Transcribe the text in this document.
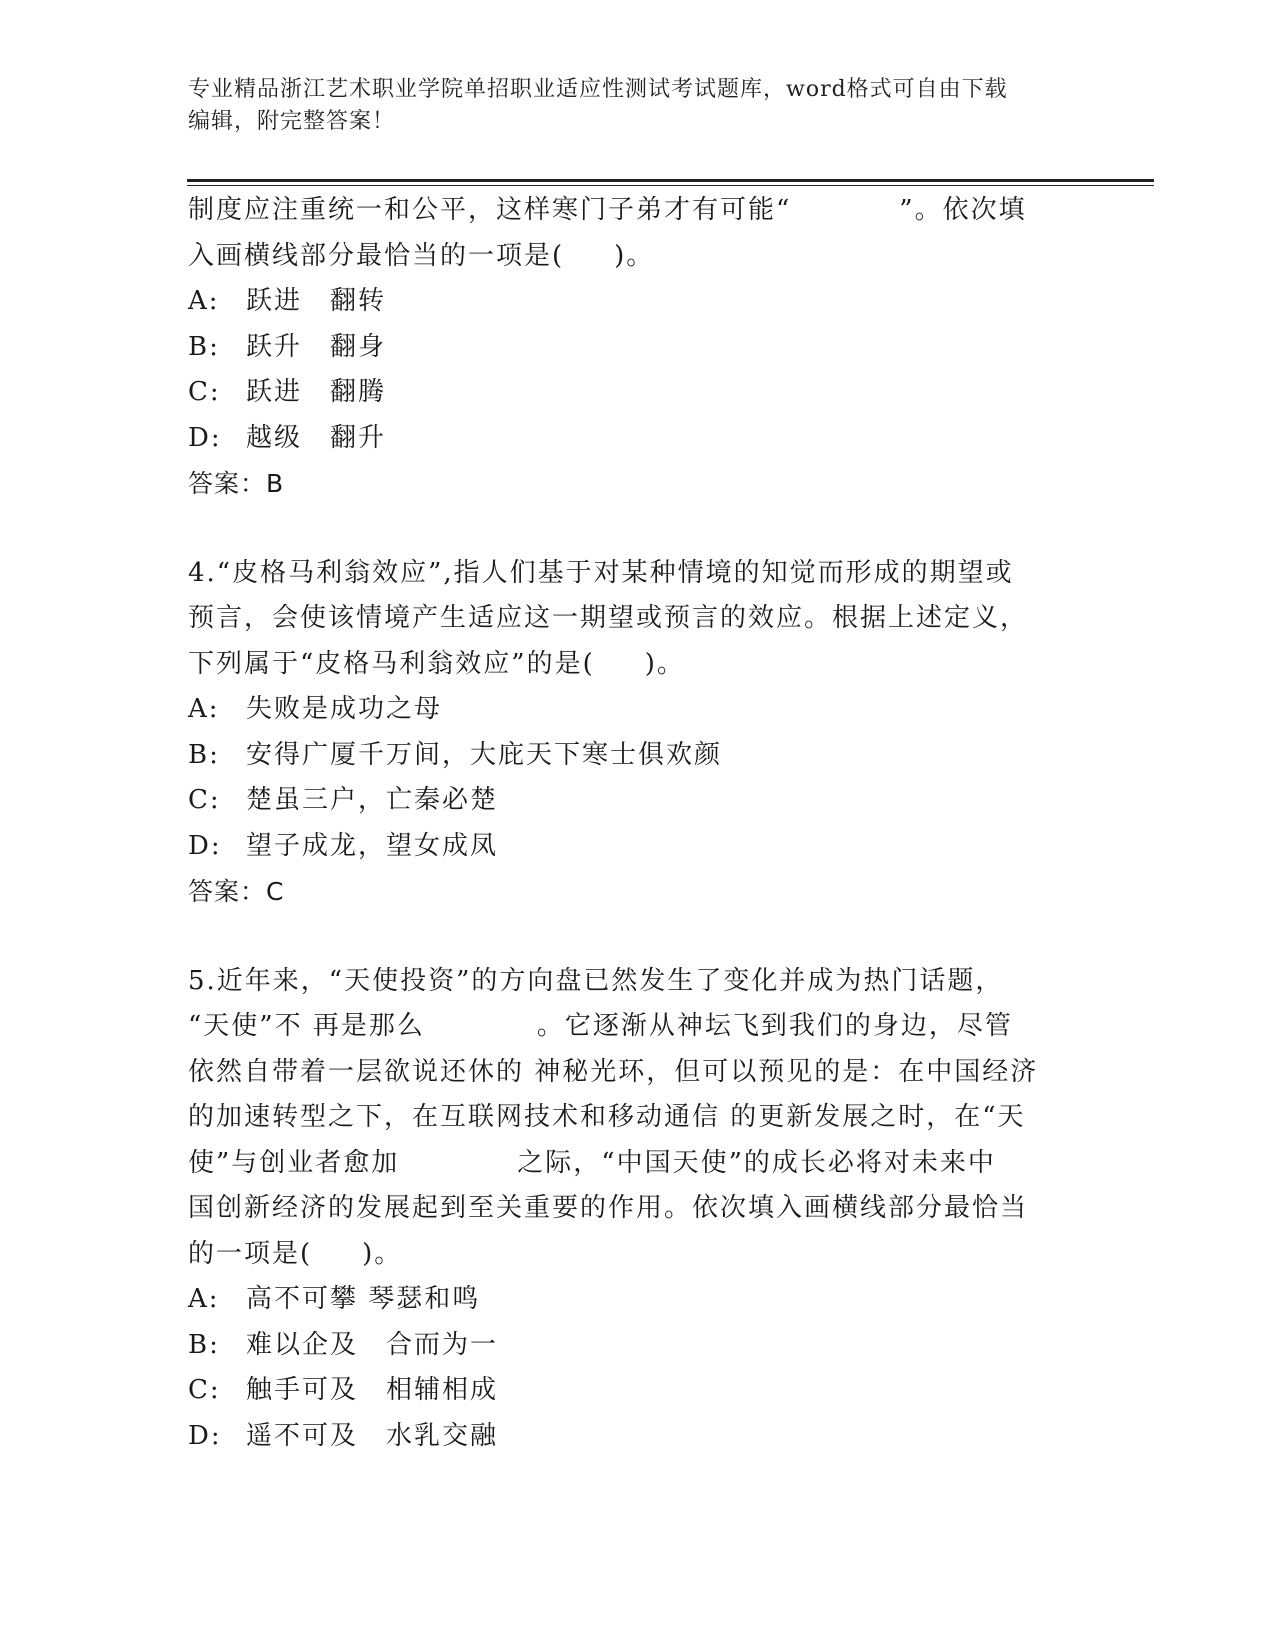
专业精品浙江艺术职业学院单招职业适应性测试考试题库，word格式可自由下载
编辑，附完整答案！

制度应注重统一和公平，这样寒门子弟才有可能“	”。依次填
入画横线部分最恰当的一项是( )。

A: 跃进　翻转
B: 跃升　翻身
C: 跃进　翻腾
D: 越级　翻升
答案：B

4.“皮格马利翁效应”,指人们基于对某种情境的知觉而形成的期望或
预言，会使该情境产生适应这一期望或预言的效应。根据上述定义，
下列属于“皮格马利翁效应”的是( )。

A: 失败是成功之母
B: 安得广厦千万间，大庇天下寒士俱欢颜
C: 楚虽三户，亡秦必楚
D: 望子成龙，望女成凤
答案：C

5.近年来，“天使投资”的方向盘已然发生了变化并成为热门话题，
“天使”不 再是那么	。它逐渐从神坛飞到我们的身边，尽管
依然自带着一层欲说还休的 神秘光环，但可以预见的是：在中国经济
的加速转型之下，在互联网技术和移动通信 的更新发展之时，在“天
使”与创业者愈加	之际，“中国天使”的成长必将对未来中
国创新经济的发展起到至关重要的作用。依次填入画横线部分最恰当
的一项是( )。

A: 高不可攀 琴瑟和鸣
B: 难以企及　合而为一
C: 触手可及　相辅相成
D: 遥不可及　水乳交融
